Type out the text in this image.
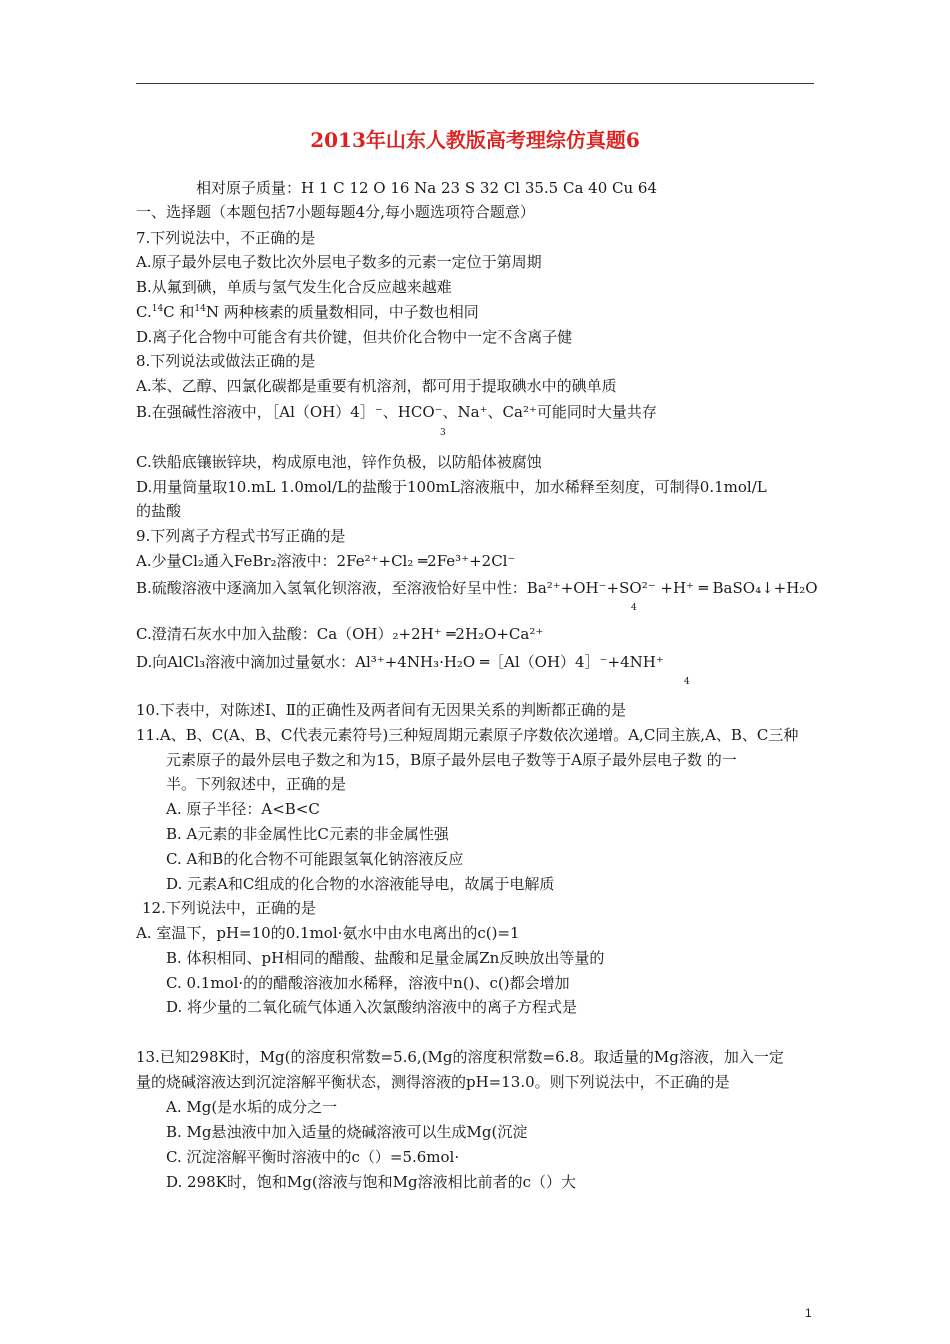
2013年山东人教版高考理综仿真题6
相对原子质量：H 1 C 12 O 16 Na 23 S 32 Cl 35.5 Ca 40 Cu 64
一、选择题（本题包括7小题每题4分,每小题选项符合题意）
7.下列说法中，不正确的是
A.原子最外层电子数比次外层电子数多的元素一定位于第周期
B.从氟到碘，单质与氢气发生化合反应越来越难
C.$^{14}$C 和$^{14}$N 两种核素的质量数相同，中子数也相同
D.离子化合物中可能含有共价键，但共价化合物中一定不含离子健
8.下列说法或做法正确的是
A.苯、乙醇、四氯化碳都是重要有机溶剂，都可用于提取碘水中的碘单质
B.在强碱性溶液中，［Al（OH）4］⁻、HCO⁻、Na⁺、Ca²⁺可能同时大量共存
3
C.铁船底镶嵌锌块，构成原电池，锌作负极，以防船体被腐蚀
D.用量筒量取10.mL 1.0mol/L的盐酸于100mL溶液瓶中，加水稀释至刻度，可制得0.1mol/L
的盐酸
9.下列离子方程式书写正确的是
A.少量Cl₂通入FeBr₂溶液中：2Fe²⁺+Cl₂ ═2Fe³⁺+2Cl⁻
B.硫酸溶液中逐滴加入氢氧化钡溶液，至溶液恰好呈中性：Ba²⁺+OH⁻+SO²⁻ +H⁺ ═ BaSO₄↓+H₂O
4
C.澄清石灰水中加入盐酸：Ca（OH）₂+2H⁺ ═2H₂O+Ca²⁺
D.向AlCl₃溶液中滴加过量氨水：Al³⁺+4NH₃·H₂O ═［Al（OH）4］⁻+4NH⁺
4
10.下表中，对陈述Ⅰ、Ⅱ的正确性及两者间有无因果关系的判断都正确的是
11.A、B、C(A、B、C代表元素符号)三种短周期元素原子序数依次递增。A,C同主族,A、B、C三种
元素原子的最外层电子数之和为15，B原子最外层电子数等于A原子最外层电子数 的一
半。下列叙述中，正确的是
A. 原子半径：A<B<C
B. A元素的非金属性比C元素的非金属性强
C. A和B的化合物不可能跟氢氧化钠溶液反应
D. 元素A和C组成的化合物的水溶液能导电，故属于电解质
12.下列说法中，正确的是
A. 室温下，pH=10的0.1mol·氨水中由水电离出的c()=1
B. 体积相同、pH相同的醋酸、盐酸和足量金属Zn反映放出等量的
C. 0.1mol·的的醋酸溶液加水稀释，溶液中n()、c()都会增加
D. 将少量的二氧化硫气体通入次氯酸纳溶液中的离子方程式是
13.已知298K时，Mg(的溶度积常数=5.6,(Mg的溶度积常数=6.8。取适量的Mg溶液，加入一定
量的烧碱溶液达到沉淀溶解平衡状态，测得溶液的pH=13.0。则下列说法中，不正确的是
A. Mg(是水垢的成分之一
B. Mg悬浊液中加入适量的烧碱溶液可以生成Mg(沉淀
C. 沉淀溶解平衡时溶液中的c（）=5.6mol·
D. 298K时，饱和Mg(溶液与饱和Mg溶液相比前者的c（）大
1
